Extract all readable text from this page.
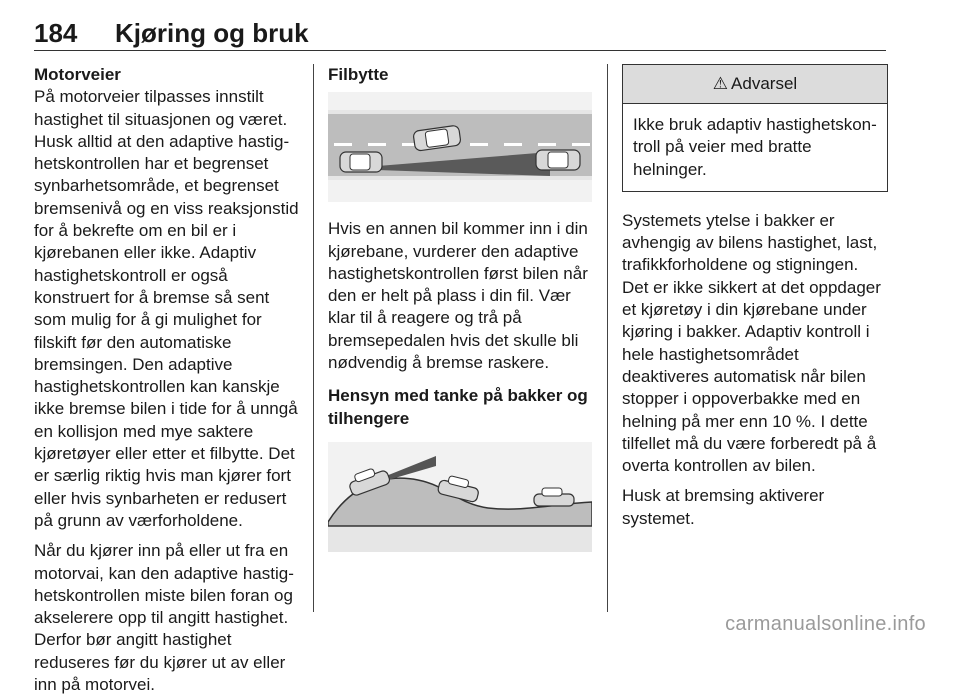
184 Kjøring og bruk

Motorveier

På motorveier tilpasses innstilt hastighet til situasjonen og været. Husk alltid at den adaptive hastighetskontrollen har et begrenset synbarhetsområde, et begrenset bremsenivå og en viss reaksjonstid for å bekrefte om en bil er i kjørebanen eller ikke. Adaptiv hastighetskontroll er også konstruert for å bremse så sent som mulig for å gi mulighet for filskift før den automatiske bremsingen. Den adaptive hastighetskontrollen kan kanskje ikke bremse bilen i tide for å unngå en kollisjon med mye saktere kjøretøyer eller etter et filbytte. Det er særlig riktig hvis man kjører fort eller hvis synbarheten er redusert på grunn av værforholdene.

Når du kjører inn på eller ut fra en motorvai, kan den adaptive hastighetskontrollen miste bilen foran og akselerere opp til angitt hastighet. Derfor bør angitt hastighet reduseres før du kjører ut av eller inn på motorvei.

Filbytte

Hvis en annen bil kommer inn i din kjørebane, vurderer den adaptive hastighetskontrollen først bilen når den er helt på plass i din fil. Vær klar til å reagere og trå på bremsepedalen hvis det skulle bli nødvendig å bremse raskere.

Hensyn med tanke på bakker og tilhengere

⚠ Advarsel
Ikke bruk adaptiv hastighetskontroll på veier med bratte helninger.

Systemets ytelse i bakker er avhengig av bilens hastighet, last, trafikkforholdene og stigningen. Det er ikke sikkert at det oppdager et kjøretøy i din kjørebane under kjøring i bakker. Adaptiv kontroll i hele hastighetsområdet deaktiveres automatisk når bilen stopper i oppoverbakke med en helning på mer enn 10 %. I dette tilfellet må du være forberedt på å overta kontrollen av bilen.

Husk at bremsing aktiverer systemet.

carmanualsonline.info
